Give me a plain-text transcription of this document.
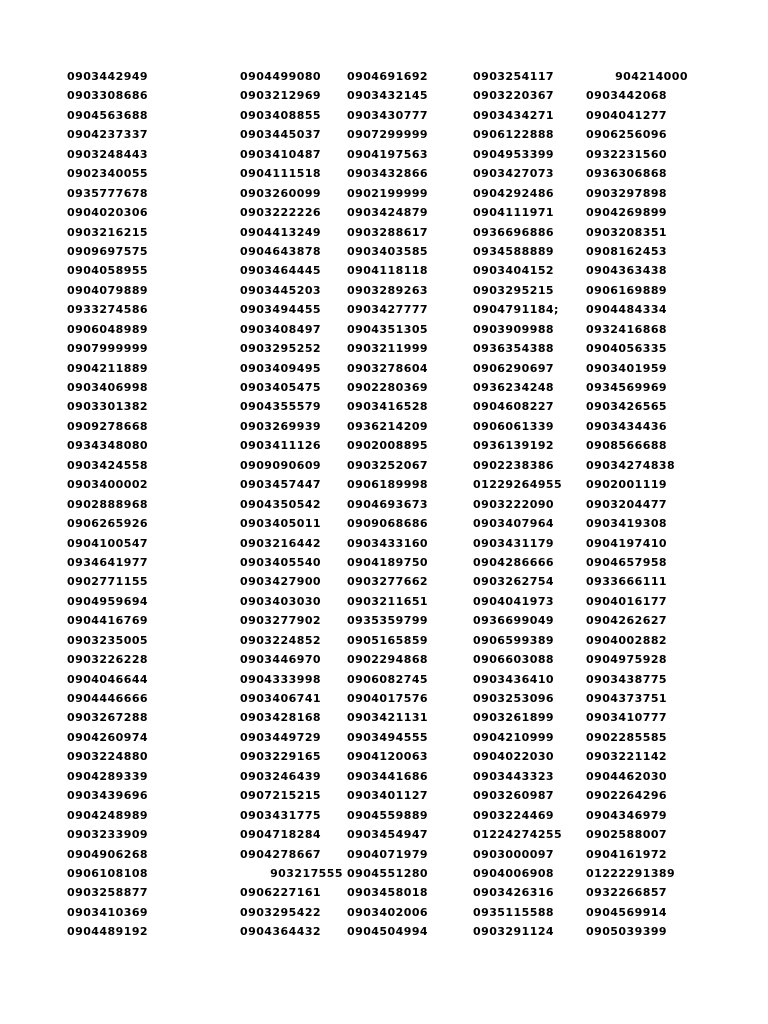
0903442949	0904499080 0904691692	0903254117	904214000
0903308686	0903212969 0903432145	0903220367	0903442068
0904563688	0903408855 0903430777	0903434271	0904041277
0904237337	0903445037 0907299999	0906122888	0906256096
0903248443	0903410487 0904197563	0904953399	0932231560
0902340055	0904111518 0903432866	0903427073	0936306868
0935777678	0903260099 0902199999	0904292486	0903297898
0904020306	0903222226 0903424879	0904111971	0904269899
0903216215	0904413249 0903288617	0936696886	0903208351
0909697575	0904643878 0903403585	0934588889	0908162453
0904058955	0903464445 0904118118	0903404152	0904363438
0904079889	0903445203 0903289263	0903295215	0906169889
0933274586	0903494455 0903427777	0904791184; 0904484334
0906048989	0903408497 0904351305	0903909988	0932416868
0907999999	0903295252 0903211999	0936354388	0904056335
0904211889	0903409495 0903278604	0906290697	0903401959
0903406998	0903405475 0902280369	0936234248	0934569969
0903301382	0904355579 0903416528	0904608227	0903426565
0909278668	0903269939 0936214209	0906061339	0903434436
0934348080	0903411126 0902008895	0936139192	0908566688
0903424558	0909090609 0903252067	0902238386	09034274838
0903400002	0903457447 0906189998	01229264955 0902001119
0902888968	0904350542 0904693673	0903222090	0903204477
0906265926	0903405011 0909068686	0903407964	0903419308
0904100547	0903216442 0903433160	0903431179	0904197410
0934641977	0903405540 0904189750	0904286666	0904657958
0902771155	0903427900 0903277662	0903262754	0933666111
0904959694	0903403030 0903211651	0904041973	0904016177
0904416769	0903277902 0935359799	0936699049	0904262627
0903235005	0903224852 0905165859	0906599389	0904002882
0903226228	0903446970 0902294868	0906603088	0904975928
0904046644	0904333998 0906082745	0903436410	0903438775
0904446666	0903406741 0904017576	0903253096	0904373751
0903267288	0903428168 0903421131	0903261899	0903410777
0904260974	0903449729 0903494555	0904210999	0902285585
0903224880	0903229165 0904120063	0904022030	0903221142
0904289339	0903246439 0903441686	0903443323	0904462030
0903439696	0907215215 0903401127	0903260987	0902264296
0904248989	0903431775 0904559889	0903224469	0904346979
0903233909	0904718284 0903454947	01224274255 0902588007
0904906268	0904278667 0904071979	0903000097	0904161972
0906108108	903217555 0904551280	0904006908	01222291389
0903258877	0906227161 0903458018	0903426316	0932266857
0903410369	0903295422 0903402006	0935115588	0904569914
0904489192	0904364432 0904504994	0903291124	0905039399
